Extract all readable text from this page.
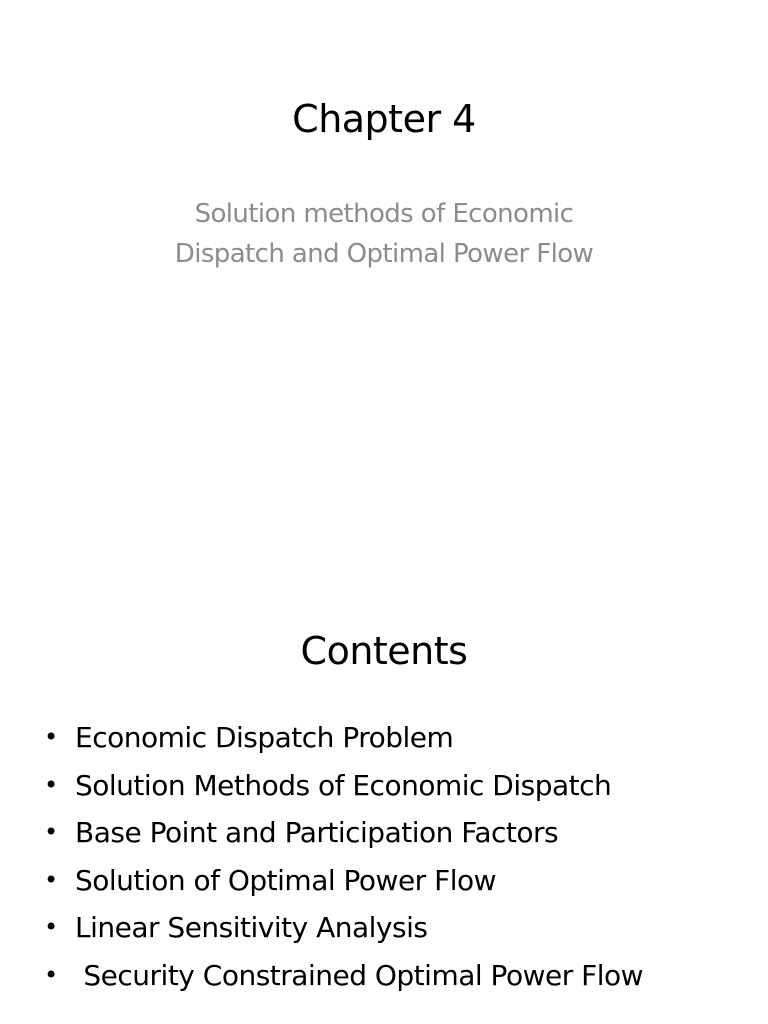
Chapter 4
Solution methods of Economic
Dispatch and Optimal Power Flow
Contents
• Economic Dispatch Problem
• Solution Methods of Economic Dispatch
• Base Point and Participation Factors
• Solution of Optimal Power Flow
• Linear Sensitivity Analysis
• Security Constrained Optimal Power Flow
